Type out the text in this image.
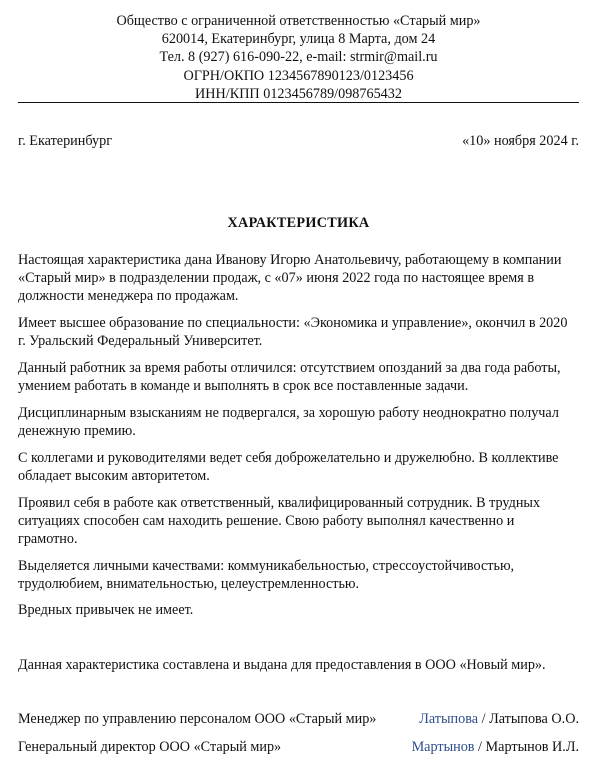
Общество с ограниченной ответственностью «Старый мир»
620014, Екатеринбург, улица 8 Марта, дом 24
Тел. 8 (927) 616-090-22, e-mail: strmir@mail.ru
ОГРН/ОКПО 1234567890123/0123456
ИНН/КПП 0123456789/098765432
г. Екатеринбург	«10» ноября 2024 г.
ХАРАКТЕРИСТИКА

Настоящая характеристика дана Иванову Игорю Анатольевичу, работающему в компании
«Старый мир» в подразделении продаж, с «07» июня 2022 года по настоящее время в
должности менеджера по продажам.

Имеет высшее образование по специальности: «Экономика и управление», окончил в 2020
г. Уральский Федеральный Университет.

Данный работник за время работы отличился: отсутствием опозданий за два года работы,
умением работать в команде и выполнять в срок все поставленные задачи.

Дисциплинарным взысканиям не подвергался, за хорошую работу неоднократно получал
денежную премию.

С коллегами и руководителями ведет себя доброжелательно и дружелюбно. В коллективе
обладает высоким авторитетом.

Проявил себя в работе как ответственный, квалифицированный сотрудник. В трудных
ситуациях способен сам находить решение. Свою работу выполнял качественно и
грамотно.

Выделяется личными качествами: коммуникабельностью, стрессоустойчивостью,
трудолюбием, внимательностью, целеустремленностью.

Вредных привычек не имеет.

Данная характеристика составлена и выдана для предоставления в ООО «Новый мир».

Менеджер по управлению персоналом ООО «Старый мир»	Латыпова / Латыпова О.О.
Генеральный директор ООО «Старый мир»	Мартынов / Мартынов И.Л.
